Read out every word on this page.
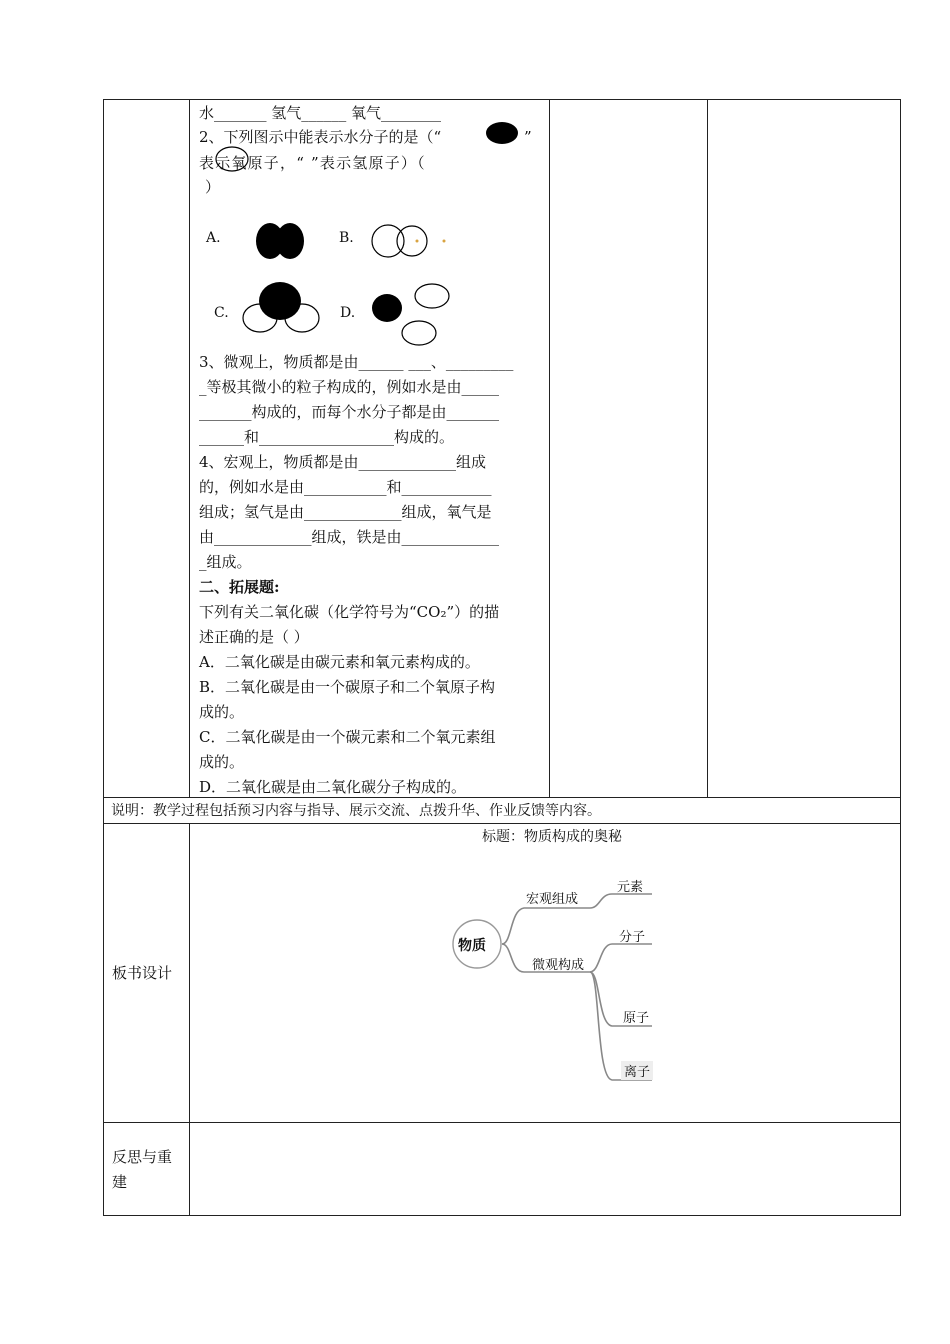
水_______ 氢气______ 氧气________
2、下列图示中能表示水分子的是（“	”
表示氧原子，“ ”表示氢原子）（
）
A.	B.
C.	D.
3、微观上，物质都是由______ ___、_________
_等极其微小的粒子构成的，例如水是由_____
_______构成的，而每个水分子都是由_______
______和__________________构成的。
4、宏观上，物质都是由_____________组成
的，例如水是由___________和____________
组成；氢气是由_____________组成，氧气是
由_____________组成，铁是由_____________
_组成。
二、拓展题:
下列有关二氧化碳（化学符号为“CO₂”）的描
述正确的是（ ）
A．二氧化碳是由碳元素和氧元素构成的。
B．二氧化碳是由一个碳原子和二个氧原子构
成的。
C．二氧化碳是由一个碳元素和二个氧元素组
成的。
D．二氧化碳是由二氧化碳分子构成的。
说明：教学过程包括预习内容与指导、展示交流、点拨升华、作业反馈等内容。
板书设计
标题：物质构成的奥秘
物质
宏观组成
微观构成
元素
分子
原子
离子
反思与重
建
